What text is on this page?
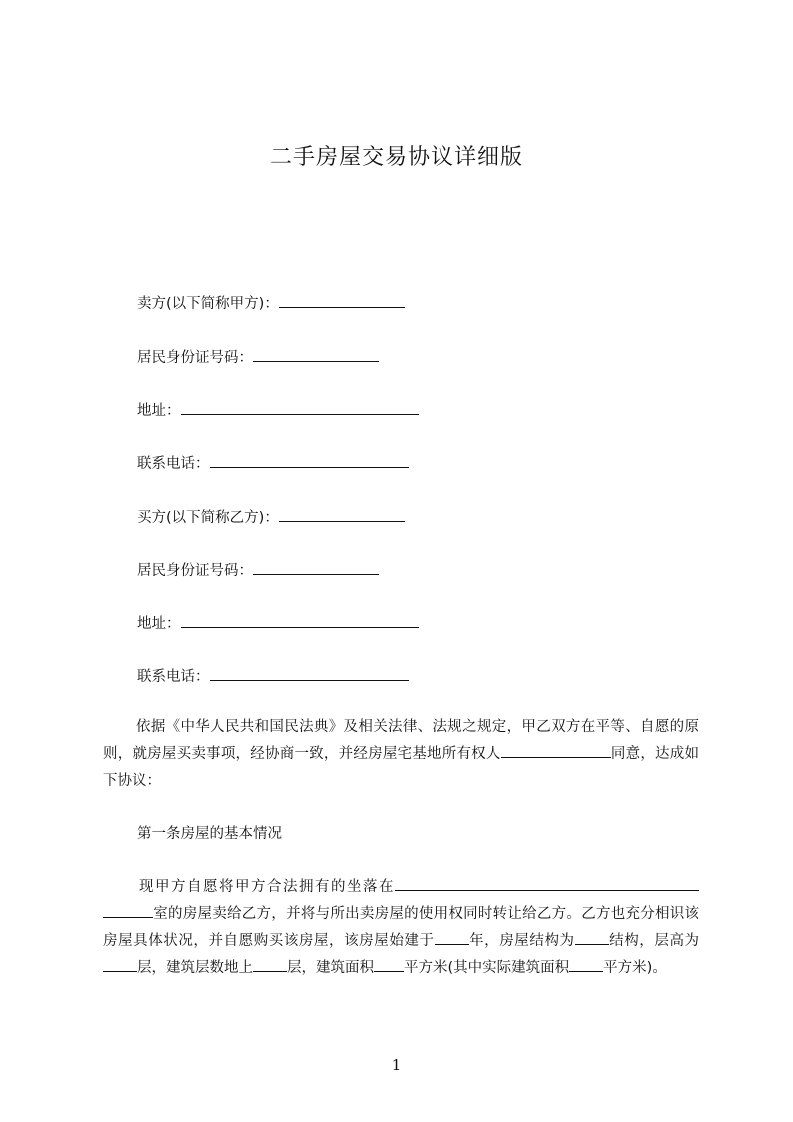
二手房屋交易协议详细版
卖方(以下简称甲方)：
居民身份证号码：
地址：
联系电话：
买方(以下简称乙方)：
居民身份证号码：
地址：
联系电话：
依据《中华人民共和国民法典》及相关法律、法规之规定，甲乙双方在平等、自愿的原则，就房屋买卖事项，经协商一致，并经房屋宅基地所有权人	同意，达成如下协议：
第一条房屋的基本情况
现甲方自愿将甲方合法拥有的坐落在室的房屋卖给乙方，并将与所出卖房屋的使用权同时转让给乙方。乙方也充分相识该房屋具体状况，并自愿购买该房屋，该房屋始建于 年，房屋结构为 结构，层高为层，建筑层数地上 层，建筑面积 平方米(其中实际建筑面积 平方米)。
1
